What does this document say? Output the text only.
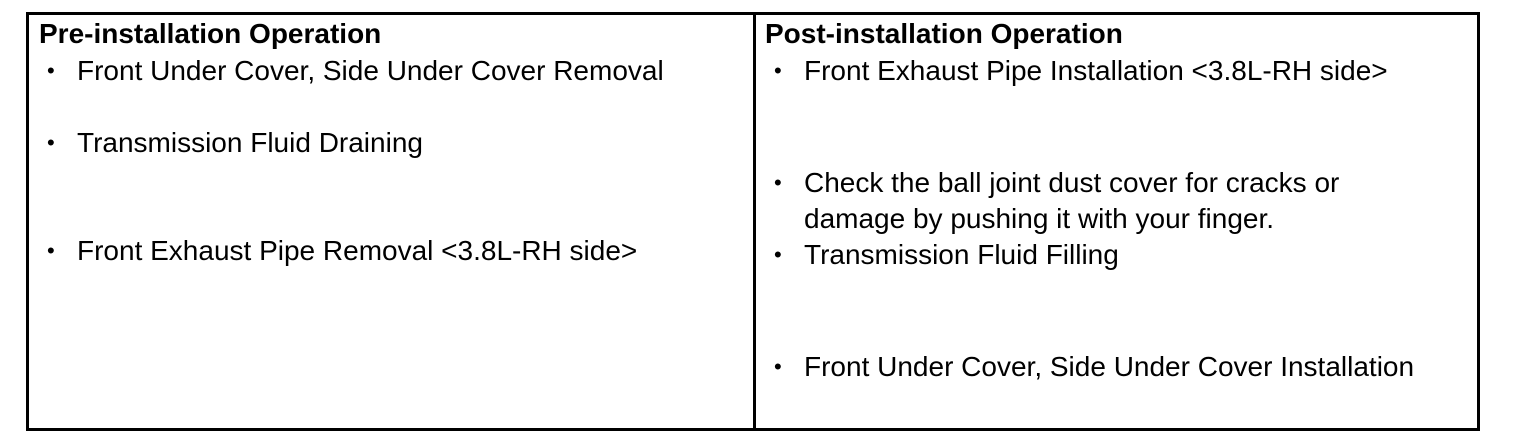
Pre-installation Operation
• Front Under Cover, Side Under Cover Removal
• Transmission Fluid Draining
• Front Exhaust Pipe Removal <3.8L-RH side>
Post-installation Operation
• Front Exhaust Pipe Installation <3.8L-RH side>
• Check the ball joint dust cover for cracks or
damage by pushing it with your finger.
• Transmission Fluid Filling
• Front Under Cover, Side Under Cover Installation
